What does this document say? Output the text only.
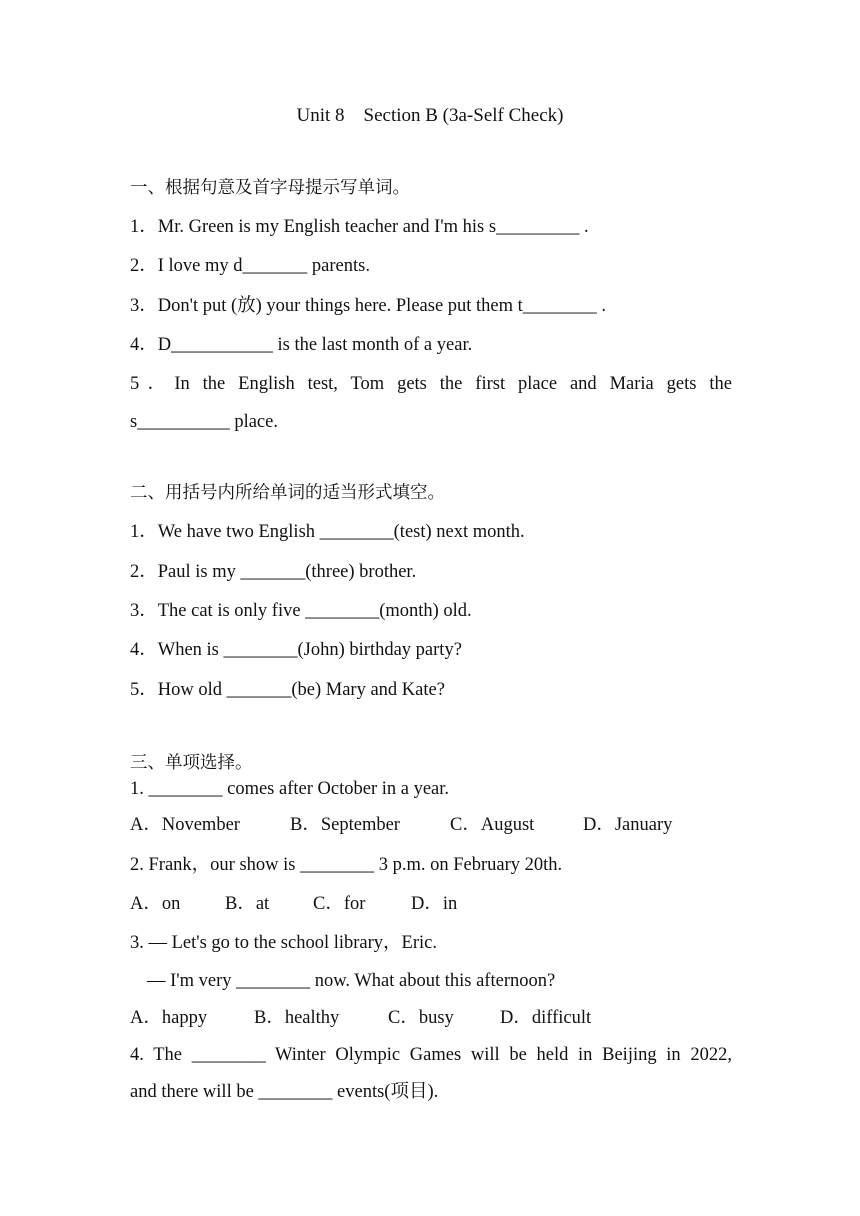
Unit 8    Section B (3a-Self Check)
一、根据句意及首字母提示写单词。
1．Mr. Green is my English teacher and I'm his s_________ .
2．I love my d_______ parents.
3．Don't put (放) your things here. Please put them t________ .
4．D___________ is the last month of a year.
5．In the English test, Tom gets the first place and Maria gets the
s__________ place.
二、用括号内所给单词的适当形式填空。
1．We have two English ________(test) next month.
2．Paul is my _______(three) brother.
3．The cat is only five ________(month) old.
4．When is ________(John) birthday party?
5．How old _______(be) Mary and Kate?
三、单项选择。
1. ________ comes after October in a year.
A．November	B．September	C．August	D．January
2. Frank，our show is ________ 3 p.m. on February 20th.
A．on B．at C．for D．in
3. — Let's go to the school library，Eric.
— I'm very ________ now. What about this afternoon?
A．happy	B．healthy	C．busy D．difficult
4. The ________ Winter Olympic Games will be held in Beijing in 2022,
and there will be ________ events(项目).
